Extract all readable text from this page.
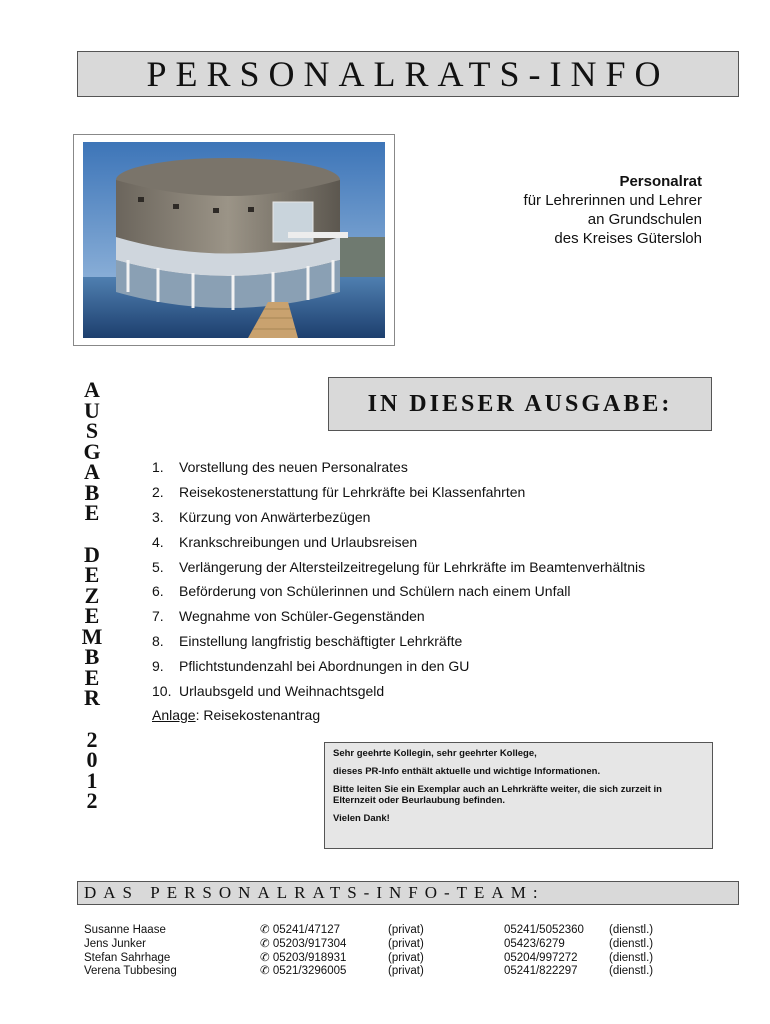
PERSONALRATS-INFO
Personalrat
für Lehrerinnen und Lehrer
an Grundschulen
des Kreises Gütersloh
A
U
S
G
A
B
E
D
E
Z
E
M
B
E
R
2
0
1
2
IN DIESER AUSGABE:
1.	Vorstellung des neuen Personalrates
2.	Reisekostenerstattung für Lehrkräfte bei Klassenfahrten
3.	Kürzung von Anwärterbezügen
4.	Krankschreibungen und Urlaubsreisen
5.	Verlängerung der Altersteilzeitregelung für Lehrkräfte im Beamtenverhältnis
6.	Beförderung von Schülerinnen und Schülern nach einem Unfall
7.	Wegnahme von Schüler-Gegenständen
8.	Einstellung langfristig beschäftigter Lehrkräfte
9.	Pflichtstundenzahl bei Abordnungen in den GU
10. Urlaubsgeld und Weihnachtsgeld
Anlage : Reisekostenantrag

Sehr geehrte Kollegin, sehr geehrter Kollege,

dieses PR-Info enthält aktuelle und wichtige Informationen.

Bitte leiten Sie ein Exemplar auch an Lehrkräfte weiter, die sich zurzeit in Elternzeit oder Beurlaubung befinden.

Vielen Dank!

DAS PERSONALRATS-INFO-TEAM:
Susanne Haase	✆ 05241/47127	(privat)	05241/5052360	(dienstl.)
Jens Junker	✆ 05203/917304	(privat)	05423/6279	(dienstl.)
Stefan Sahrhage	✆ 05203/918931	(privat)	05204/997272	(dienstl.)
Verena Tubbesing	✆ 0521/3296005	(privat)	05241/822297	(dienstl.)
